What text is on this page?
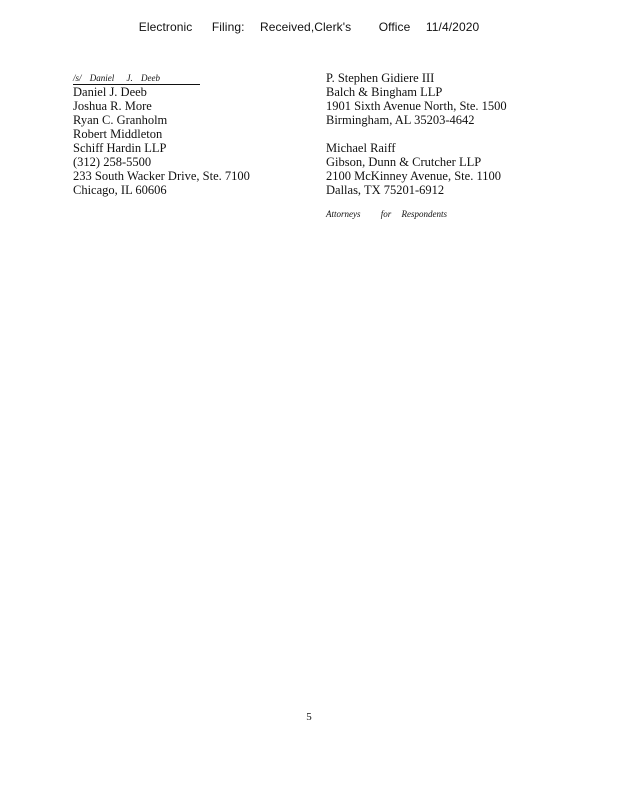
Electronic Filing: Received,Clerk's Office 11/4/2020
/s/ Daniel J. Deeb
Daniel J. Deeb
Joshua R. More
Ryan C. Granholm
Robert Middleton
Schiff Hardin LLP
(312) 258-5500
233 South Wacker Drive, Ste. 7100
Chicago, IL 60606
P. Stephen Gidiere III
Balch & Bingham LLP
1901 Sixth Avenue North, Ste. 1500
Birmingham, AL 35203-4642
Michael Raiff
Gibson, Dunn & Crutcher LLP
2100 McKinney Avenue, Ste. 1100
Dallas, TX 75201-6912
Attorneys for Respondents
5
